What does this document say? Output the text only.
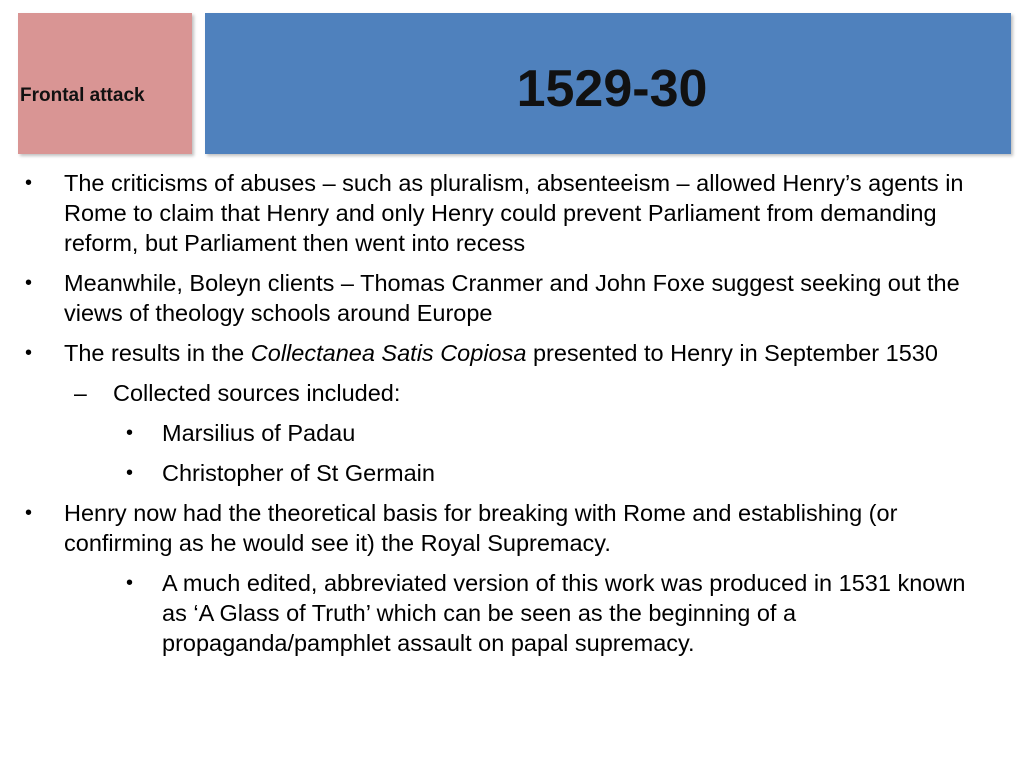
Frontal attack	1529-30
• The criticisms of abuses – such as pluralism, absenteeism – allowed Henry’s agents in Rome to claim that Henry and only Henry could prevent Parliament from demanding reform, but Parliament then went into recess
• Meanwhile, Boleyn clients – Thomas Cranmer and John Foxe suggest seeking out the views of theology schools around Europe
• The results in the Collectanea Satis Copiosa presented to Henry in September 1530
– Collected sources included:
• Marsilius of Padau
• Christopher of St Germain
• Henry now had the theoretical basis for breaking with Rome and establishing (or confirming as he would see it) the Royal Supremacy.
• A much edited, abbreviated version of this work was produced in 1531 known as ‘A Glass of Truth’ which can be seen as the beginning of a propaganda/pamphlet assault on papal supremacy.
